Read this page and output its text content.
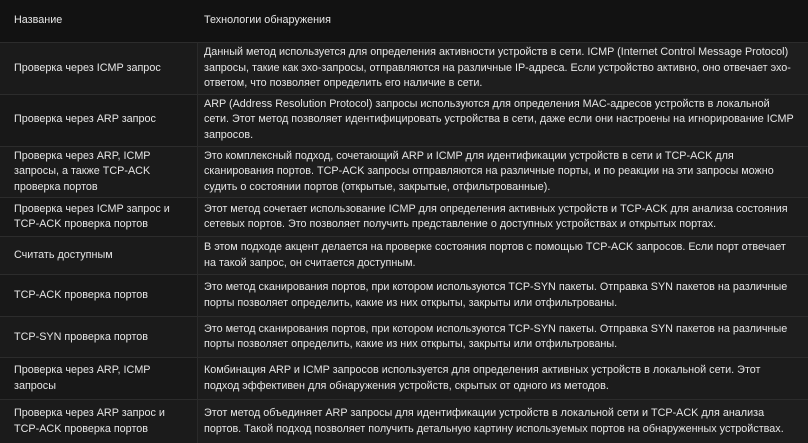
Название	Технологии обнаружения
Проверка через ICMP запрос	Данный метод используется для определения активности устройств в сети. ICMP (Internet Control Message Protocol) запросы, такие как эхо-запросы, отправляются на различные IP-адреса. Если устройство активно, оно отвечает эхо-ответом, что позволяет определить его наличие в сети.
Проверка через ARP запрос	ARP (Address Resolution Protocol) запросы используются для определения MAC-адресов устройств в локальной сети. Этот метод позволяет идентифицировать устройства в сети, даже если они настроены на игнорирование ICMP запросов.
Проверка через ARP, ICMP запросы, а также TCP-ACK проверка портов	Это комплексный подход, сочетающий ARP и ICMP для идентификации устройств в сети и TCP-ACK для сканирования портов. TCP-ACK запросы отправляются на различные порты, и по реакции на эти запросы можно судить о состоянии портов (открытые, закрытые, отфильтрованные).
Проверка через ICMP запрос и TCP-ACK проверка портов	Этот метод сочетает использование ICMP для определения активных устройств и TCP-ACK для анализа состояния сетевых портов. Это позволяет получить представление о доступных устройствах и открытых портах.
Считать доступным	В этом подходе акцент делается на проверке состояния портов с помощью TCP-ACK запросов. Если порт отвечает на такой запрос, он считается доступным.
TCP-ACK проверка портов	Это метод сканирования портов, при котором используются TCP-SYN пакеты. Отправка SYN пакетов на различные порты позволяет определить, какие из них открыты, закрыты или отфильтрованы.
TCP-SYN проверка портов	Это метод сканирования портов, при котором используются TCP-SYN пакеты. Отправка SYN пакетов на различные порты позволяет определить, какие из них открыты, закрыты или отфильтрованы.
Проверка через ARP, ICMP запросы	Комбинация ARP и ICMP запросов используется для определения активных устройств в локальной сети. Этот подход эффективен для обнаружения устройств, скрытых от одного из методов.
Проверка через ARP запрос и TCP-ACK проверка портов	Этот метод объединяет ARP запросы для идентификации устройств в локальной сети и TCP-ACK для анализа портов. Такой подход позволяет получить детальную картину используемых портов на обнаруженных устройствах.
